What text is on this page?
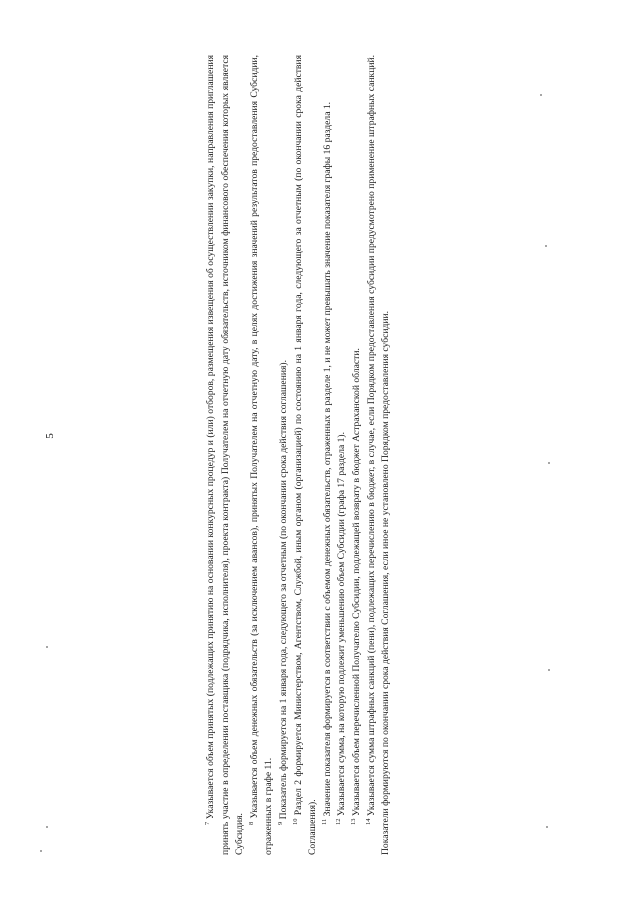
$^7$ Указывается объем принятых (подлежащих принятию на основании конкурсных процедур и (или) отборов, размещения извещения об осуществлении закупки, направления приглашения принять участие в определении поставщика (подрядчика, исполнителя), проекта контракта) Получателем на отчетную дату обязательств, источником финансового обеспечения которых является Субсидия. $^8$ Указывается объем денежных обязательств (за исключением авансов), принятых Получателем на отчетную дату, в целях достижения значений результатов предоставления Субсидии, отраженных в графе 11. $^9$ Показатель формируется на 1 января года, следующего за отчетным (по окончании срока действия соглашения).

$^{10}$ Раздел 2 формируется Министерством, Агентством, Службой, иным органом (организацией) по состоянию на 1 января года, следующего за отчетным (по окончании срока действия Соглашения). $^{11}$ Значение показателя формируется в соответствии с объемом денежных обязательств, отраженных в разделе 1, и не может превышать значение показателя графы 16 раздела 1.

$^{12}$ Указывается сумма, на которую подлежит уменьшению объем Субсидии (графа 17 раздела 1).

$^{13}$ Указывается объем перечисленной Получателю Субсидии, подлежащей возврату в бюджет Астраханской области.

$^{14}$ Указывается сумма штрафных санкций (пени), подлежащих перечислению в бюджет, в случае, если Порядком предоставления субсидии предусмотрено применение штрафных санкций. Показатели формируются по окончании срока действия Соглашения, если иное не установлено Порядком предоставления субсидии.

5
